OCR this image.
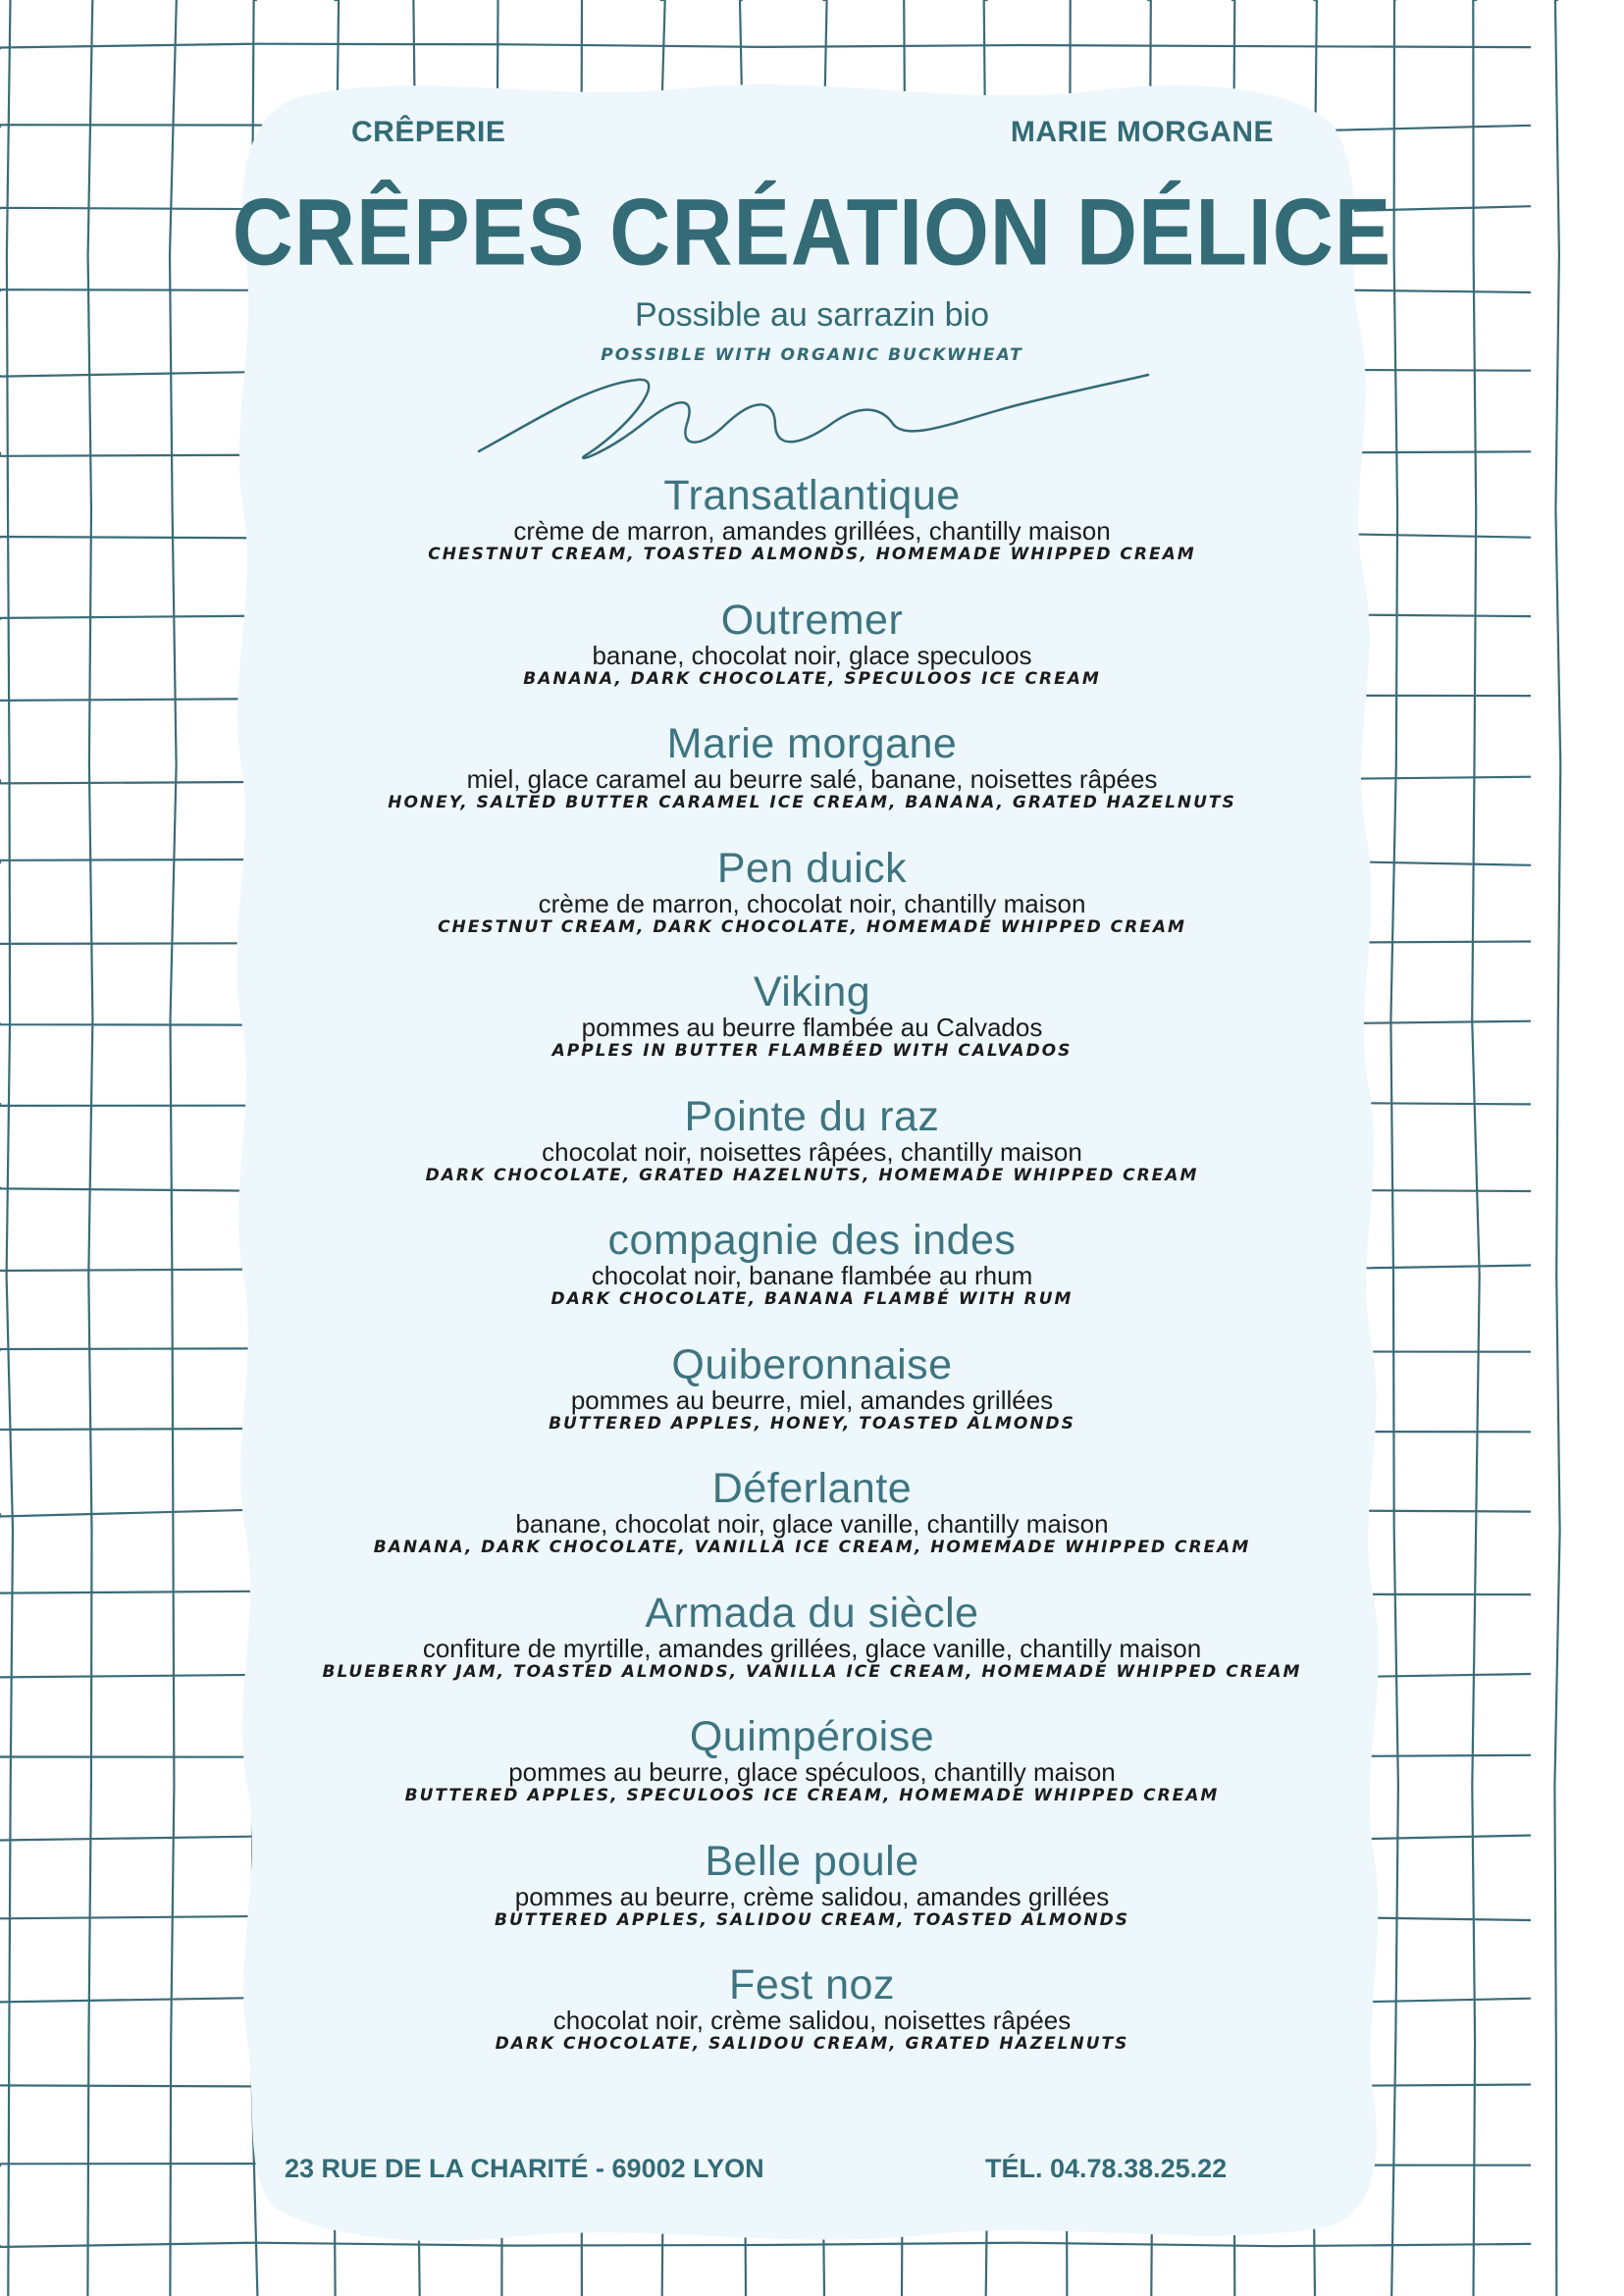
CRÊPERIE	MARIE MORGANE
CRÊPES CRÉATION DÉLICE
Possible au sarrazin bio
POSSIBLE WITH ORGANIC BUCKWHEAT
Transatlantique
crème de marron, amandes grillées, chantilly maison
CHESTNUT CREAM, TOASTED ALMONDS, HOMEMADE WHIPPED CREAM
Outremer
banane, chocolat noir, glace speculoos
BANANA, DARK CHOCOLATE, SPECULOOS ICE CREAM
Marie morgane
miel, glace caramel au beurre salé, banane, noisettes râpées
HONEY, SALTED BUTTER CARAMEL ICE CREAM, BANANA, GRATED HAZELNUTS
Pen duick
crème de marron, chocolat noir, chantilly maison
CHESTNUT CREAM, DARK CHOCOLATE, HOMEMADE WHIPPED CREAM
Viking
pommes au beurre flambée au Calvados
APPLES IN BUTTER FLAMBÉED WITH CALVADOS
Pointe du raz
chocolat noir, noisettes râpées, chantilly maison
DARK CHOCOLATE, GRATED HAZELNUTS, HOMEMADE WHIPPED CREAM
compagnie des indes
chocolat noir, banane flambée au rhum
DARK CHOCOLATE, BANANA FLAMBÉ WITH RUM
Quiberonnaise
pommes au beurre, miel, amandes grillées
BUTTERED APPLES, HONEY, TOASTED ALMONDS
Déferlante
banane, chocolat noir, glace vanille, chantilly maison
BANANA, DARK CHOCOLATE, VANILLA ICE CREAM, HOMEMADE WHIPPED CREAM
Armada du siècle
confiture de myrtille, amandes grillées, glace vanille, chantilly maison
BLUEBERRY JAM, TOASTED ALMONDS, VANILLA ICE CREAM, HOMEMADE WHIPPED CREAM
Quimpéroise
pommes au beurre, glace spéculoos, chantilly maison
BUTTERED APPLES, SPECULOOS ICE CREAM, HOMEMADE WHIPPED CREAM
Belle poule
pommes au beurre, crème salidou, amandes grillées
BUTTERED APPLES, SALIDOU CREAM, TOASTED ALMONDS
Fest noz
chocolat noir, crème salidou, noisettes râpées
DARK CHOCOLATE, SALIDOU CREAM, GRATED HAZELNUTS
23 RUE DE LA CHARITÉ - 69002 LYON	TÉL. 04.78.38.25.22
